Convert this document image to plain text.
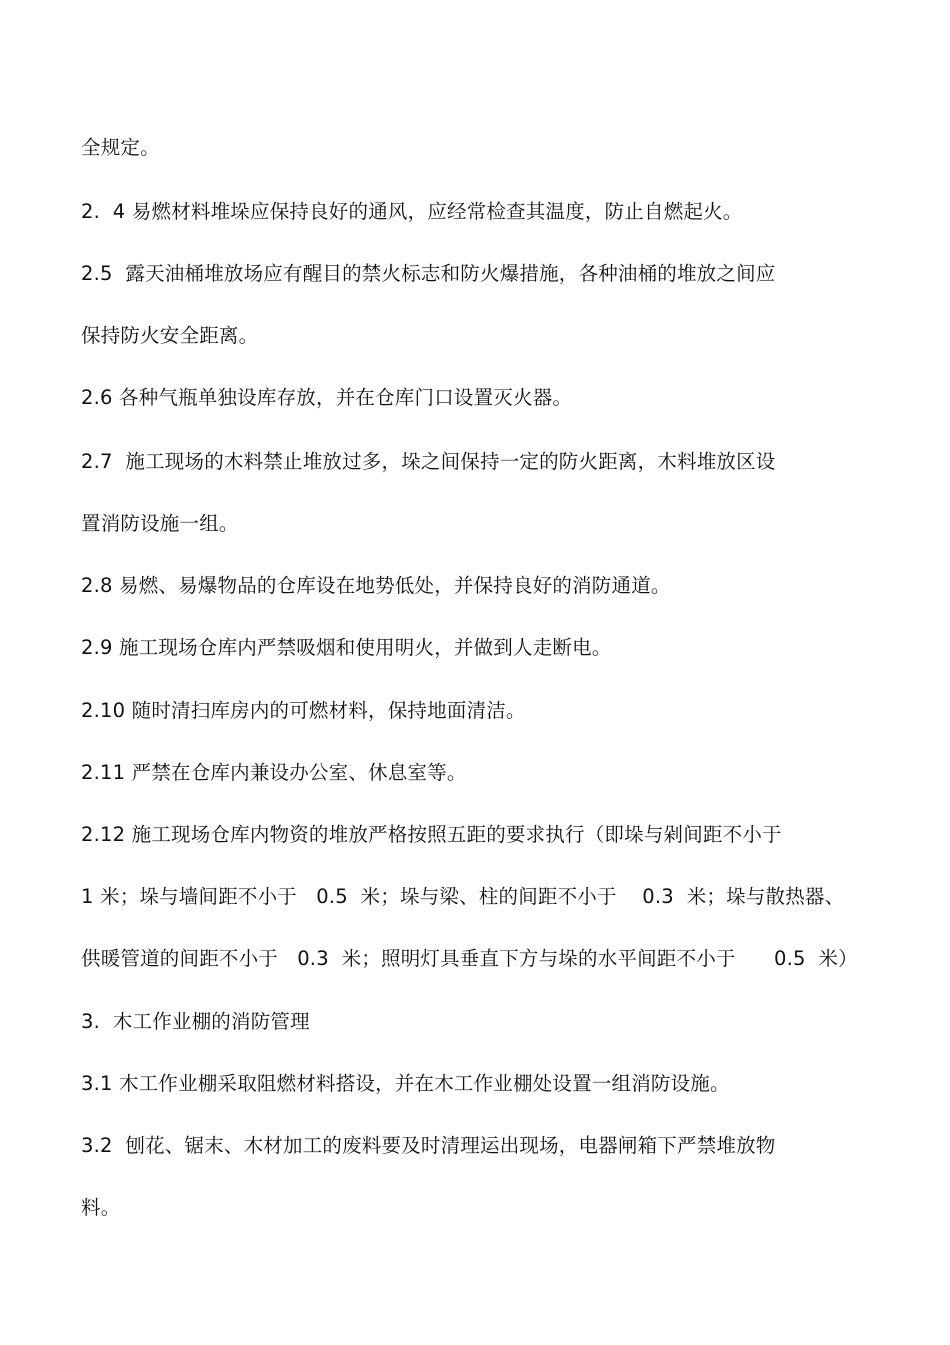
全规定。
2.  4 易燃材料堆垛应保持良好的通风，应经常检查其温度，防止自燃起火。
2.5  露天油桶堆放场应有醒目的禁火标志和防火爆措施，各种油桶的堆放之间应
保持防火安全距离。
2.6 各种气瓶单独设库存放，并在仓库门口设置灭火器。
2.7  施工现场的木料禁止堆放过多，垛之间保持一定的防火距离，木料堆放区设
置消防设施一组。
2.8 易燃、易爆物品的仓库设在地势低处，并保持良好的消防通道。
2.9 施工现场仓库内严禁吸烟和使用明火，并做到人走断电。
2.10 随时清扫库房内的可燃材料，保持地面清洁。
2.11 严禁在仓库内兼设办公室、休息室等。
2.12 施工现场仓库内物资的堆放严格按照五距的要求执行（即垛与剁间距不小于
1 米；垛与墙间距不小于   0.5  米；垛与梁、柱的间距不小于    0.3  米；垛与散热器、
供暖管道的间距不小于   0.3  米；照明灯具垂直下方与垛的水平间距不小于      0.5  米）
3.  木工作业棚的消防管理
3.1 木工作业棚采取阻燃材料搭设，并在木工作业棚处设置一组消防设施。
3.2  刨花、锯末、木材加工的废料要及时清理运出现场，电器闸箱下严禁堆放物
料。
